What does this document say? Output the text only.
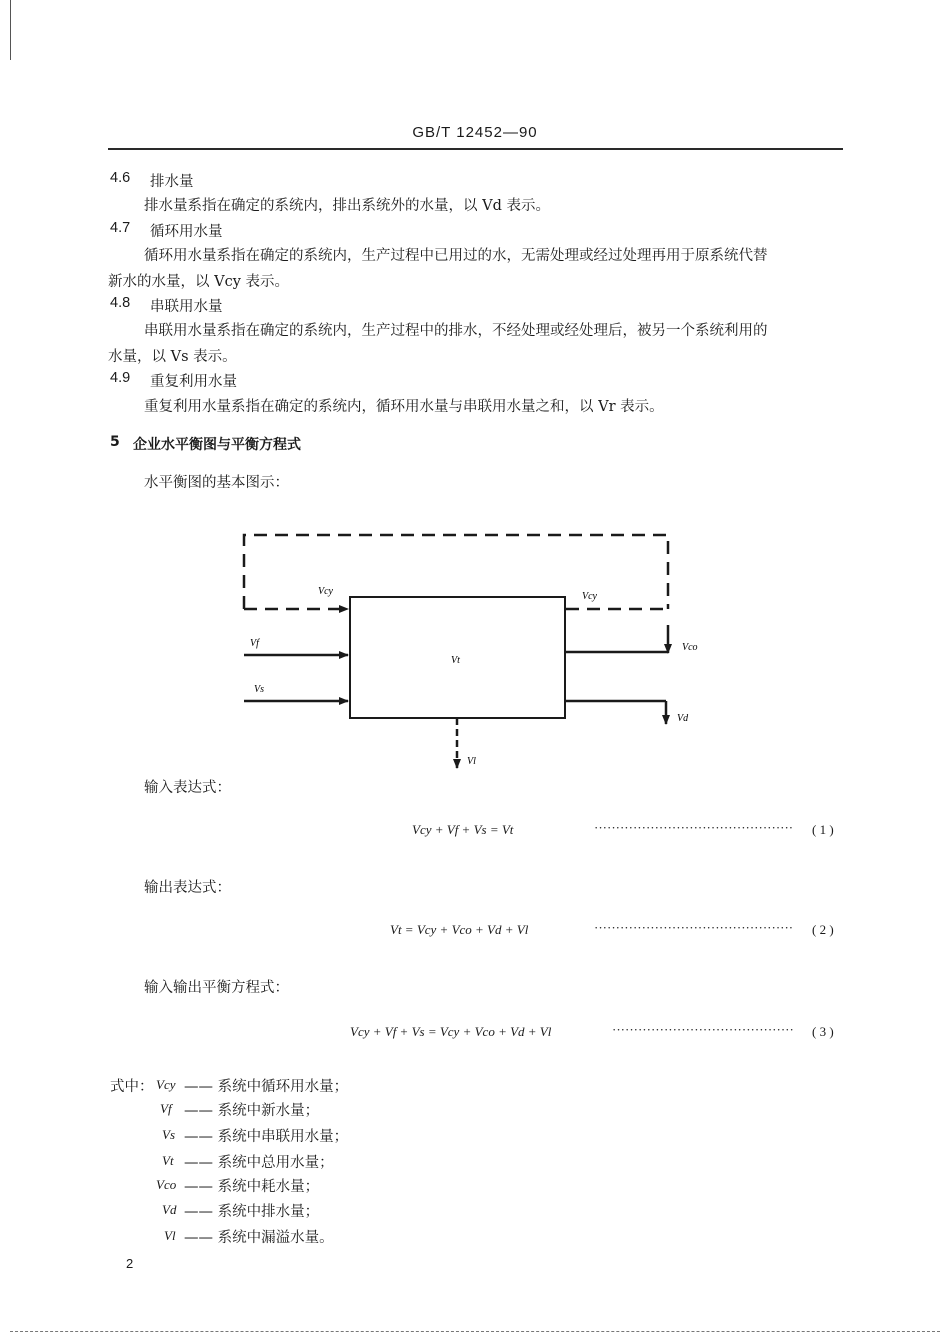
GB/T 12452—90
4.6 排水量
排水量系指在确定的系统内，排出系统外的水量，以 Vd 表示。
4.7 循环用水量
循环用水量系指在确定的系统内，生产过程中已用过的水，无需处理或经过处理再用于原系统代替
新水的水量，以 Vcy 表示。
4.8 串联用水量
串联用水量系指在确定的系统内，生产过程中的排水，不经处理或经处理后，被另一个系统利用的
水量，以 Vs 表示。
4.9 重复利用水量
重复利用水量系指在确定的系统内，循环用水量与串联用水量之和，以 Vr 表示。
5 企业水平衡图与平衡方程式
水平衡图的基本图示：
Vcy	Vcy
Vf
Vs
Vt
Vco
Vd
Vl
输入表达式：
Vcy + Vf + Vs = Vt	·············································· ( 1 )
输出表达式：
Vt = Vcy + Vco + Vd + Vl	·············································· ( 2 )
输入输出平衡方程式：
Vcy + Vf + Vs = Vcy + Vco + Vd + Vl	·········································· ( 3 )
式中： Vcy —— 系统中循环用水量；
Vf —— 系统中新水量；
Vs —— 系统中串联用水量；
Vt —— 系统中总用水量；
Vco —— 系统中耗水量；
Vd —— 系统中排水量；
Vl —— 系统中漏溢水量。
2
